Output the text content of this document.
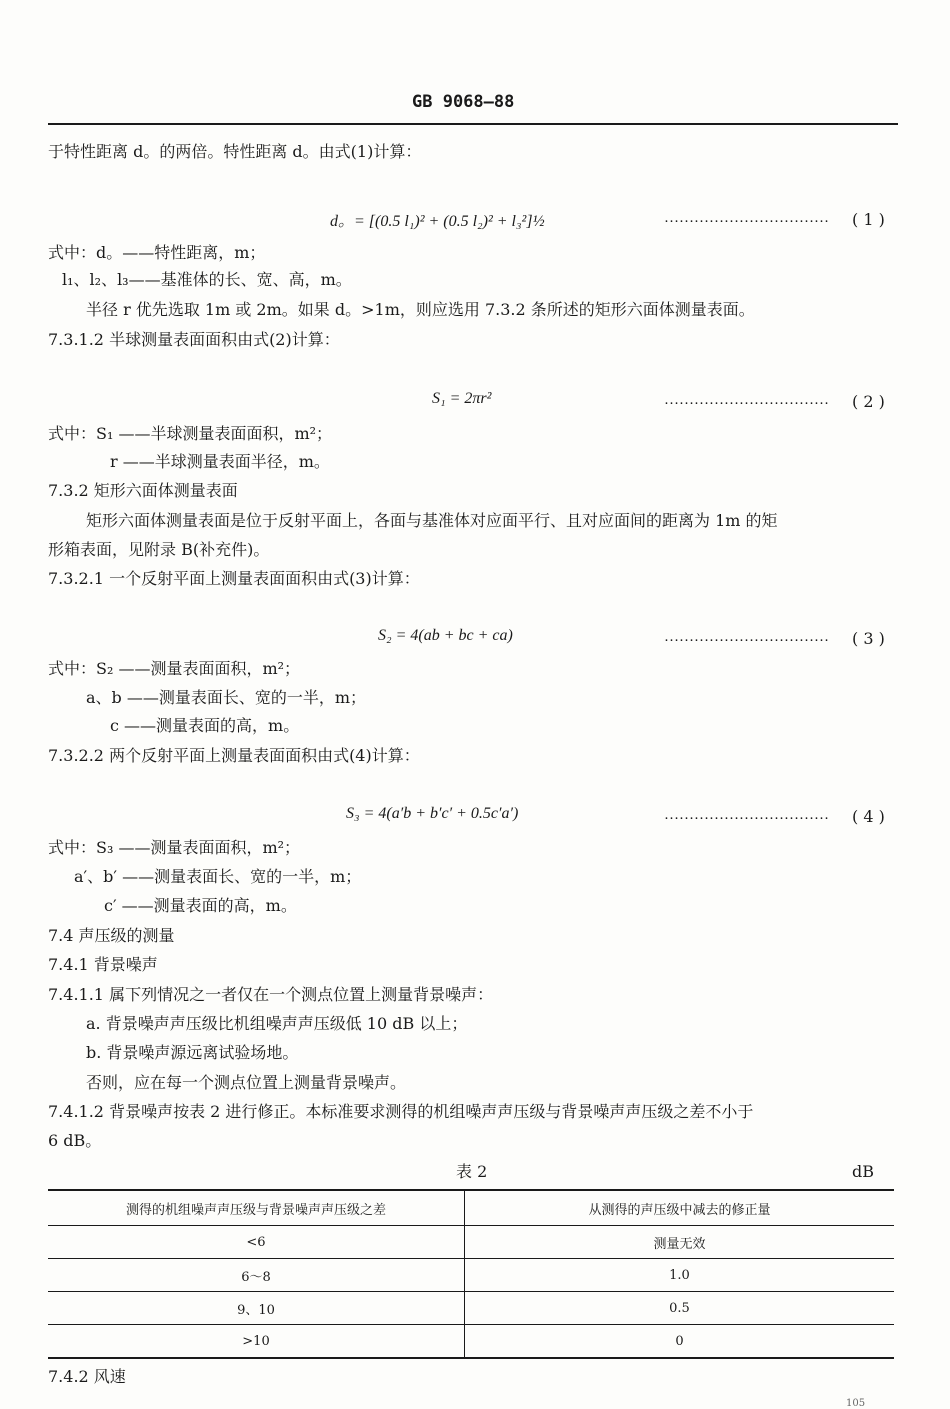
GB 9068—88
于特性距离 d。的两倍。特性距离 d。由式(1)计算：
d。= [(0.5 l₁)² + (0.5 l₂)² + l₃²]½	…………………………… ( 1 )
式中：d。——特性距离，m；
l₁、l₂、l₃——基准体的长、宽、高，m。
半径 r 优先选取 1m 或 2m。如果 d。>1m，则应选用 7.3.2 条所述的矩形六面体测量表面。
7.3.1.2 半球测量表面面积由式(2)计算：
S₁ = 2πr²	…………………………… ( 2 )
式中：S₁ ——半球测量表面面积，m²；
r ——半球测量表面半径，m。
7.3.2 矩形六面体测量表面
矩形六面体测量表面是位于反射平面上，各面与基准体对应面平行、且对应面间的距离为 1m 的矩
形箱表面，见附录 B(补充件)。
7.3.2.1 一个反射平面上测量表面面积由式(3)计算：
S₂ = 4(ab + bc + ca)	…………………………… ( 3 )
式中：S₂ ——测量表面面积，m²；
a、b ——测量表面长、宽的一半，m；
c ——测量表面的高，m。
7.3.2.2 两个反射平面上测量表面面积由式(4)计算：
S₃ = 4(a′b + b′c′ + 0.5c′a′)	…………………………… ( 4 )
式中：S₃ ——测量表面面积，m²；
a′、b′ ——测量表面长、宽的一半，m；
c′ ——测量表面的高，m。
7.4 声压级的测量
7.4.1 背景噪声
7.4.1.1 属下列情况之一者仅在一个测点位置上测量背景噪声：
a. 背景噪声声压级比机组噪声声压级低 10 dB 以上；
b. 背景噪声源远离试验场地。
否则，应在每一个测点位置上测量背景噪声。
7.4.1.2 背景噪声按表 2 进行修正。本标准要求测得的机组噪声声压级与背景噪声声压级之差不小于
6 dB。
表 2	dB
测得的机组噪声声压级与背景噪声声压级之差	从测得的声压级中减去的修正量
<6	测量无效
6～8	1.0
9、10	0.5
>10	0
7.4.2 风速
105
